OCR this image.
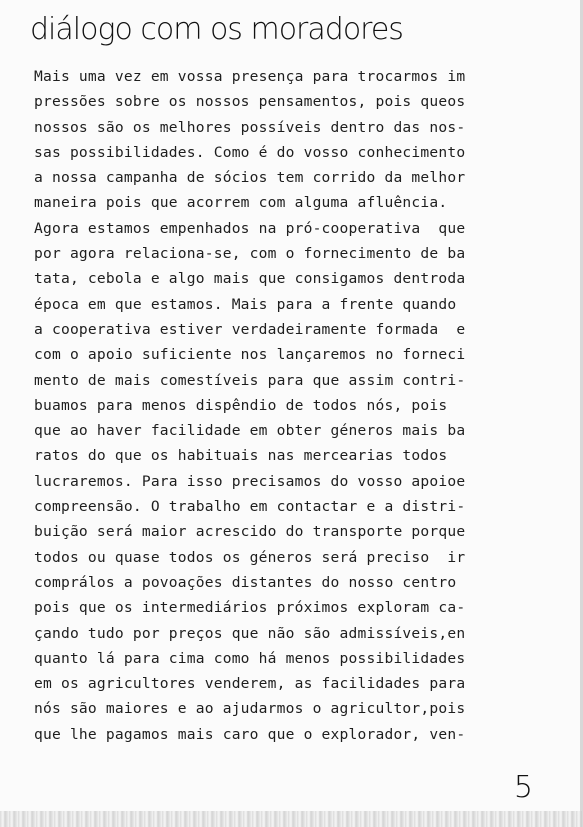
diálogo com os moradores
Mais uma vez em vossa presença para trocarmos im
pressões sobre os nossos pensamentos, pois queos
nossos são os melhores possíveis dentro das nos-
sas possibilidades. Como é do vosso conhecimento
a nossa campanha de sócios tem corrido da melhor
maneira pois que acorrem com alguma afluência.
Agora estamos empenhados na pró-cooperativa  que
por agora relaciona-se, com o fornecimento de ba
tata, cebola e algo mais que consigamos dentroda
época em que estamos. Mais para a frente quando
a cooperativa estiver verdadeiramente formada  e
com o apoio suficiente nos lançaremos no forneci
mento de mais comestíveis para que assim contri-
buamos para menos dispêndio de todos nós, pois
que ao haver facilidade em obter géneros mais ba
ratos do que os habituais nas mercearias todos
lucraremos. Para isso precisamos do vosso apoioe
compreensão. O trabalho em contactar e a distri-
buição será maior acrescido do transporte porque
todos ou quase todos os géneros será preciso  ir
comprálos a povoações distantes do nosso centro
pois que os intermediários próximos exploram ca-
çando tudo por preços que não são admissíveis,en
quanto lá para cima como há menos possibilidades
em os agricultores venderem, as facilidades para
nós são maiores e ao ajudarmos o agricultor,pois
que lhe pagamos mais caro que o explorador, ven-
5
